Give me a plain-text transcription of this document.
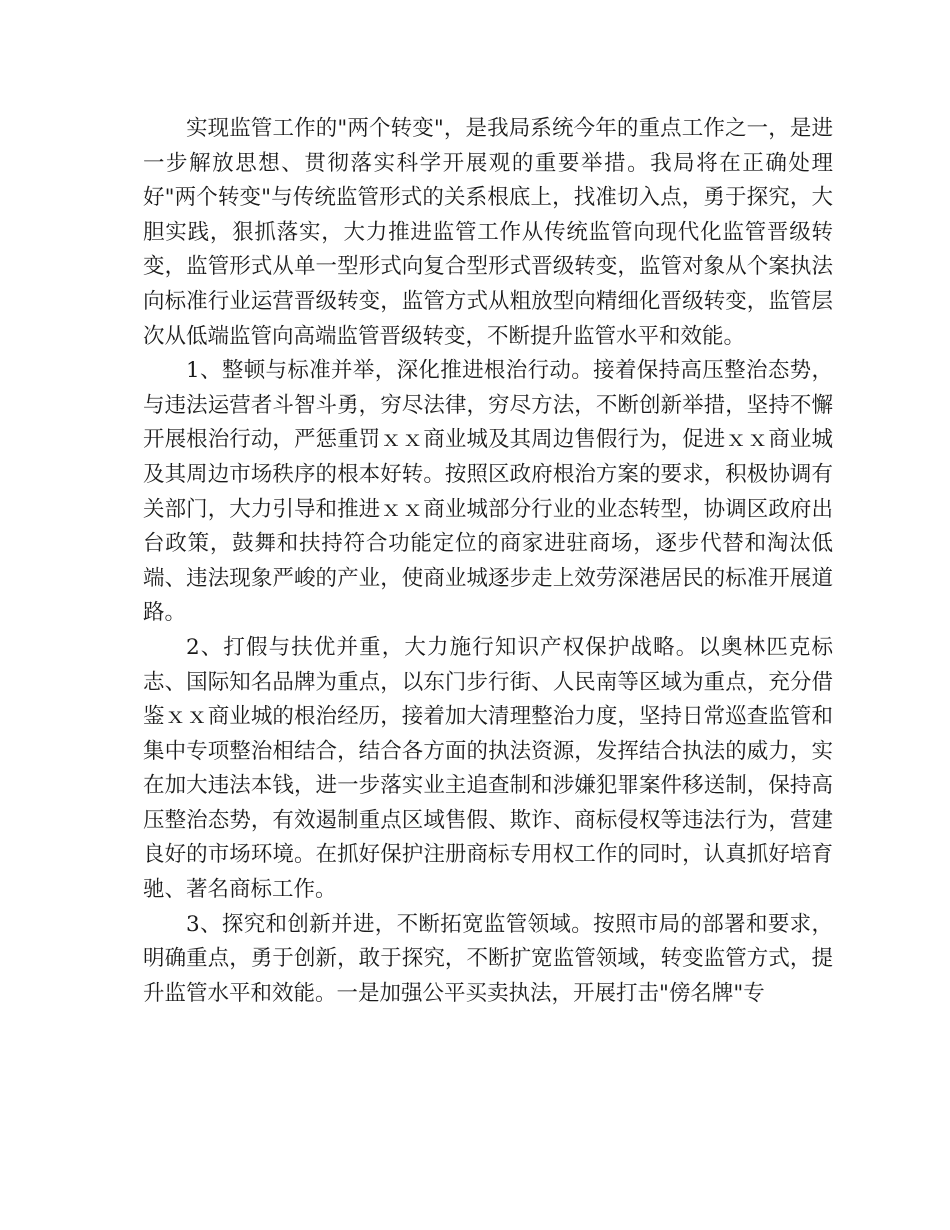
实现监管工作的"两个转变"，是我局系统今年的重点工作之一，是进一步解放思想、贯彻落实科学开展观的重要举措。我局将在正确处理好"两个转变"与传统监管形式的关系根底上，找准切入点，勇于探究，大胆实践，狠抓落实，大力推进监管工作从传统监管向现代化监管晋级转变，监管形式从单一型形式向复合型形式晋级转变，监管对象从个案执法向标准行业运营晋级转变，监管方式从粗放型向精细化晋级转变，监管层次从低端监管向高端监管晋级转变，不断提升监管水平和效能。

1、整顿与标准并举，深化推进根治行动。接着保持高压整治态势，与违法运营者斗智斗勇，穷尽法律，穷尽方法，不断创新举措，坚持不懈开展根治行动，严惩重罚ｘｘ商业城及其周边售假行为，促进ｘｘ商业城及其周边市场秩序的根本好转。按照区政府根治方案的要求，积极协调有关部门，大力引导和推进ｘｘ商业城部分行业的业态转型，协调区政府出台政策，鼓舞和扶持符合功能定位的商家进驻商场，逐步代替和淘汰低端、违法现象严峻的产业，使商业城逐步走上效劳深港居民的标准开展道路。

2、打假与扶优并重，大力施行知识产权保护战略。以奥林匹克标志、国际知名品牌为重点，以东门步行街、人民南等区域为重点，充分借鉴ｘｘ商业城的根治经历，接着加大清理整治力度，坚持日常巡查监管和集中专项整治相结合，结合各方面的执法资源，发挥结合执法的威力，实在加大违法本钱，进一步落实业主追查制和涉嫌犯罪案件移送制，保持高压整治态势，有效遏制重点区域售假、欺诈、商标侵权等违法行为，营建良好的市场环境。在抓好保护注册商标专用权工作的同时，认真抓好培育驰、著名商标工作。

3、探究和创新并进，不断拓宽监管领域。按照市局的部署和要求，明确重点，勇于创新，敢于探究，不断扩宽监管领域，转变监管方式，提升监管水平和效能。一是加强公平买卖执法，开展打击"傍名牌"专
